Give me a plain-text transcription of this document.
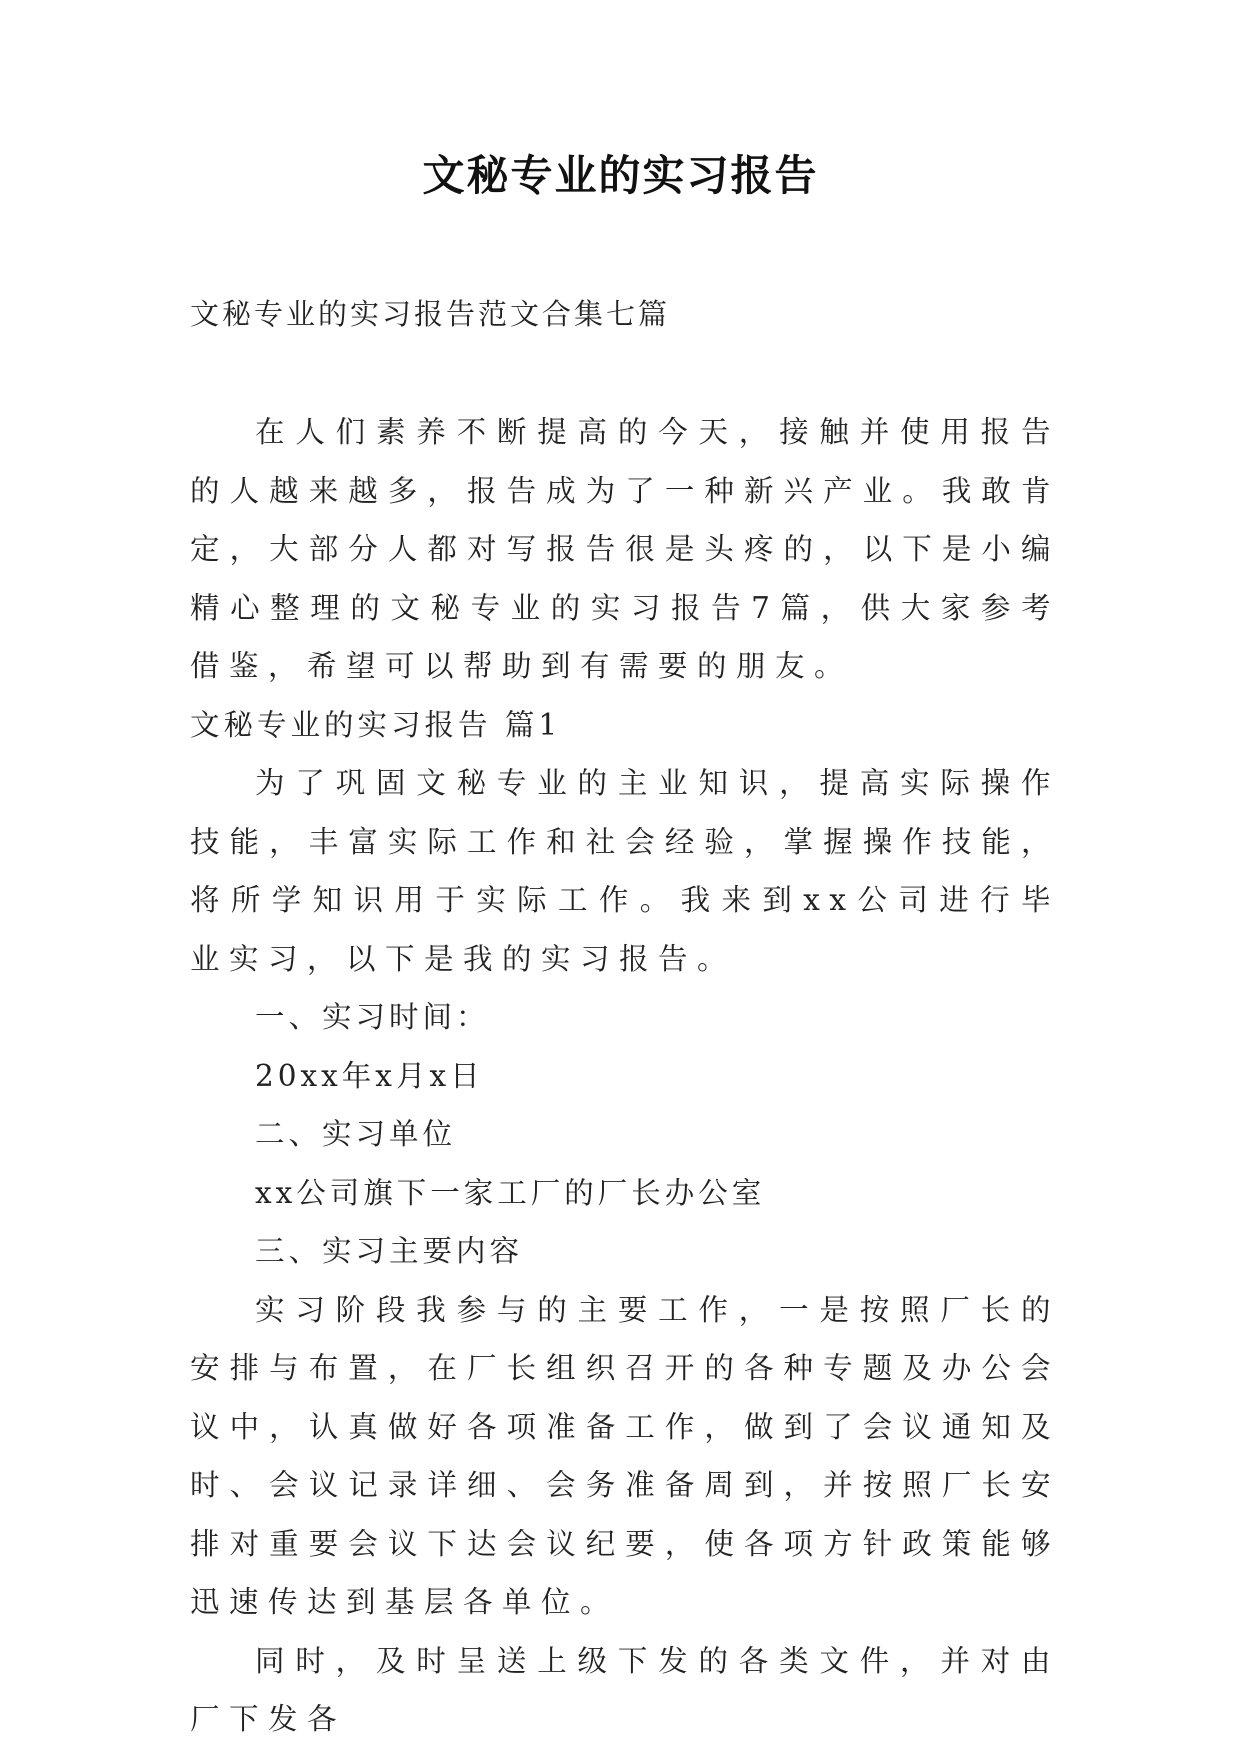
文秘专业的实习报告
文秘专业的实习报告范文合集七篇

在人们素养不断提高的今天，接触并使用报告的人越来越多，报告成为了一种新兴产业。我敢肯定，大部分人都对写报告很是头疼的，以下是小编精心整理的文秘专业的实习报告7篇，供大家参考借鉴，希望可以帮助到有需要的朋友。

文秘专业的实习报告 篇1

为了巩固文秘专业的主业知识，提高实际操作技能，丰富实际工作和社会经验，掌握操作技能，将所学知识用于实际工作。我来到xx公司进行毕业实习，以下是我的实习报告。

一、实习时间：

20xx年x月x日

二、实习单位

xx公司旗下一家工厂的厂长办公室

三、实习主要内容

实习阶段我参与的主要工作，一是按照厂长的安排与布置，在厂长组织召开的各种专题及办公会议中，认真做好各项准备工作，做到了会议通知及时、会议记录详细、会务准备周到，并按照厂长安排对重要会议下达会议纪要，使各项方针政策能够迅速传达到基层各单位。

同时，及时呈送上级下发的各类文件，并对由厂下发各
